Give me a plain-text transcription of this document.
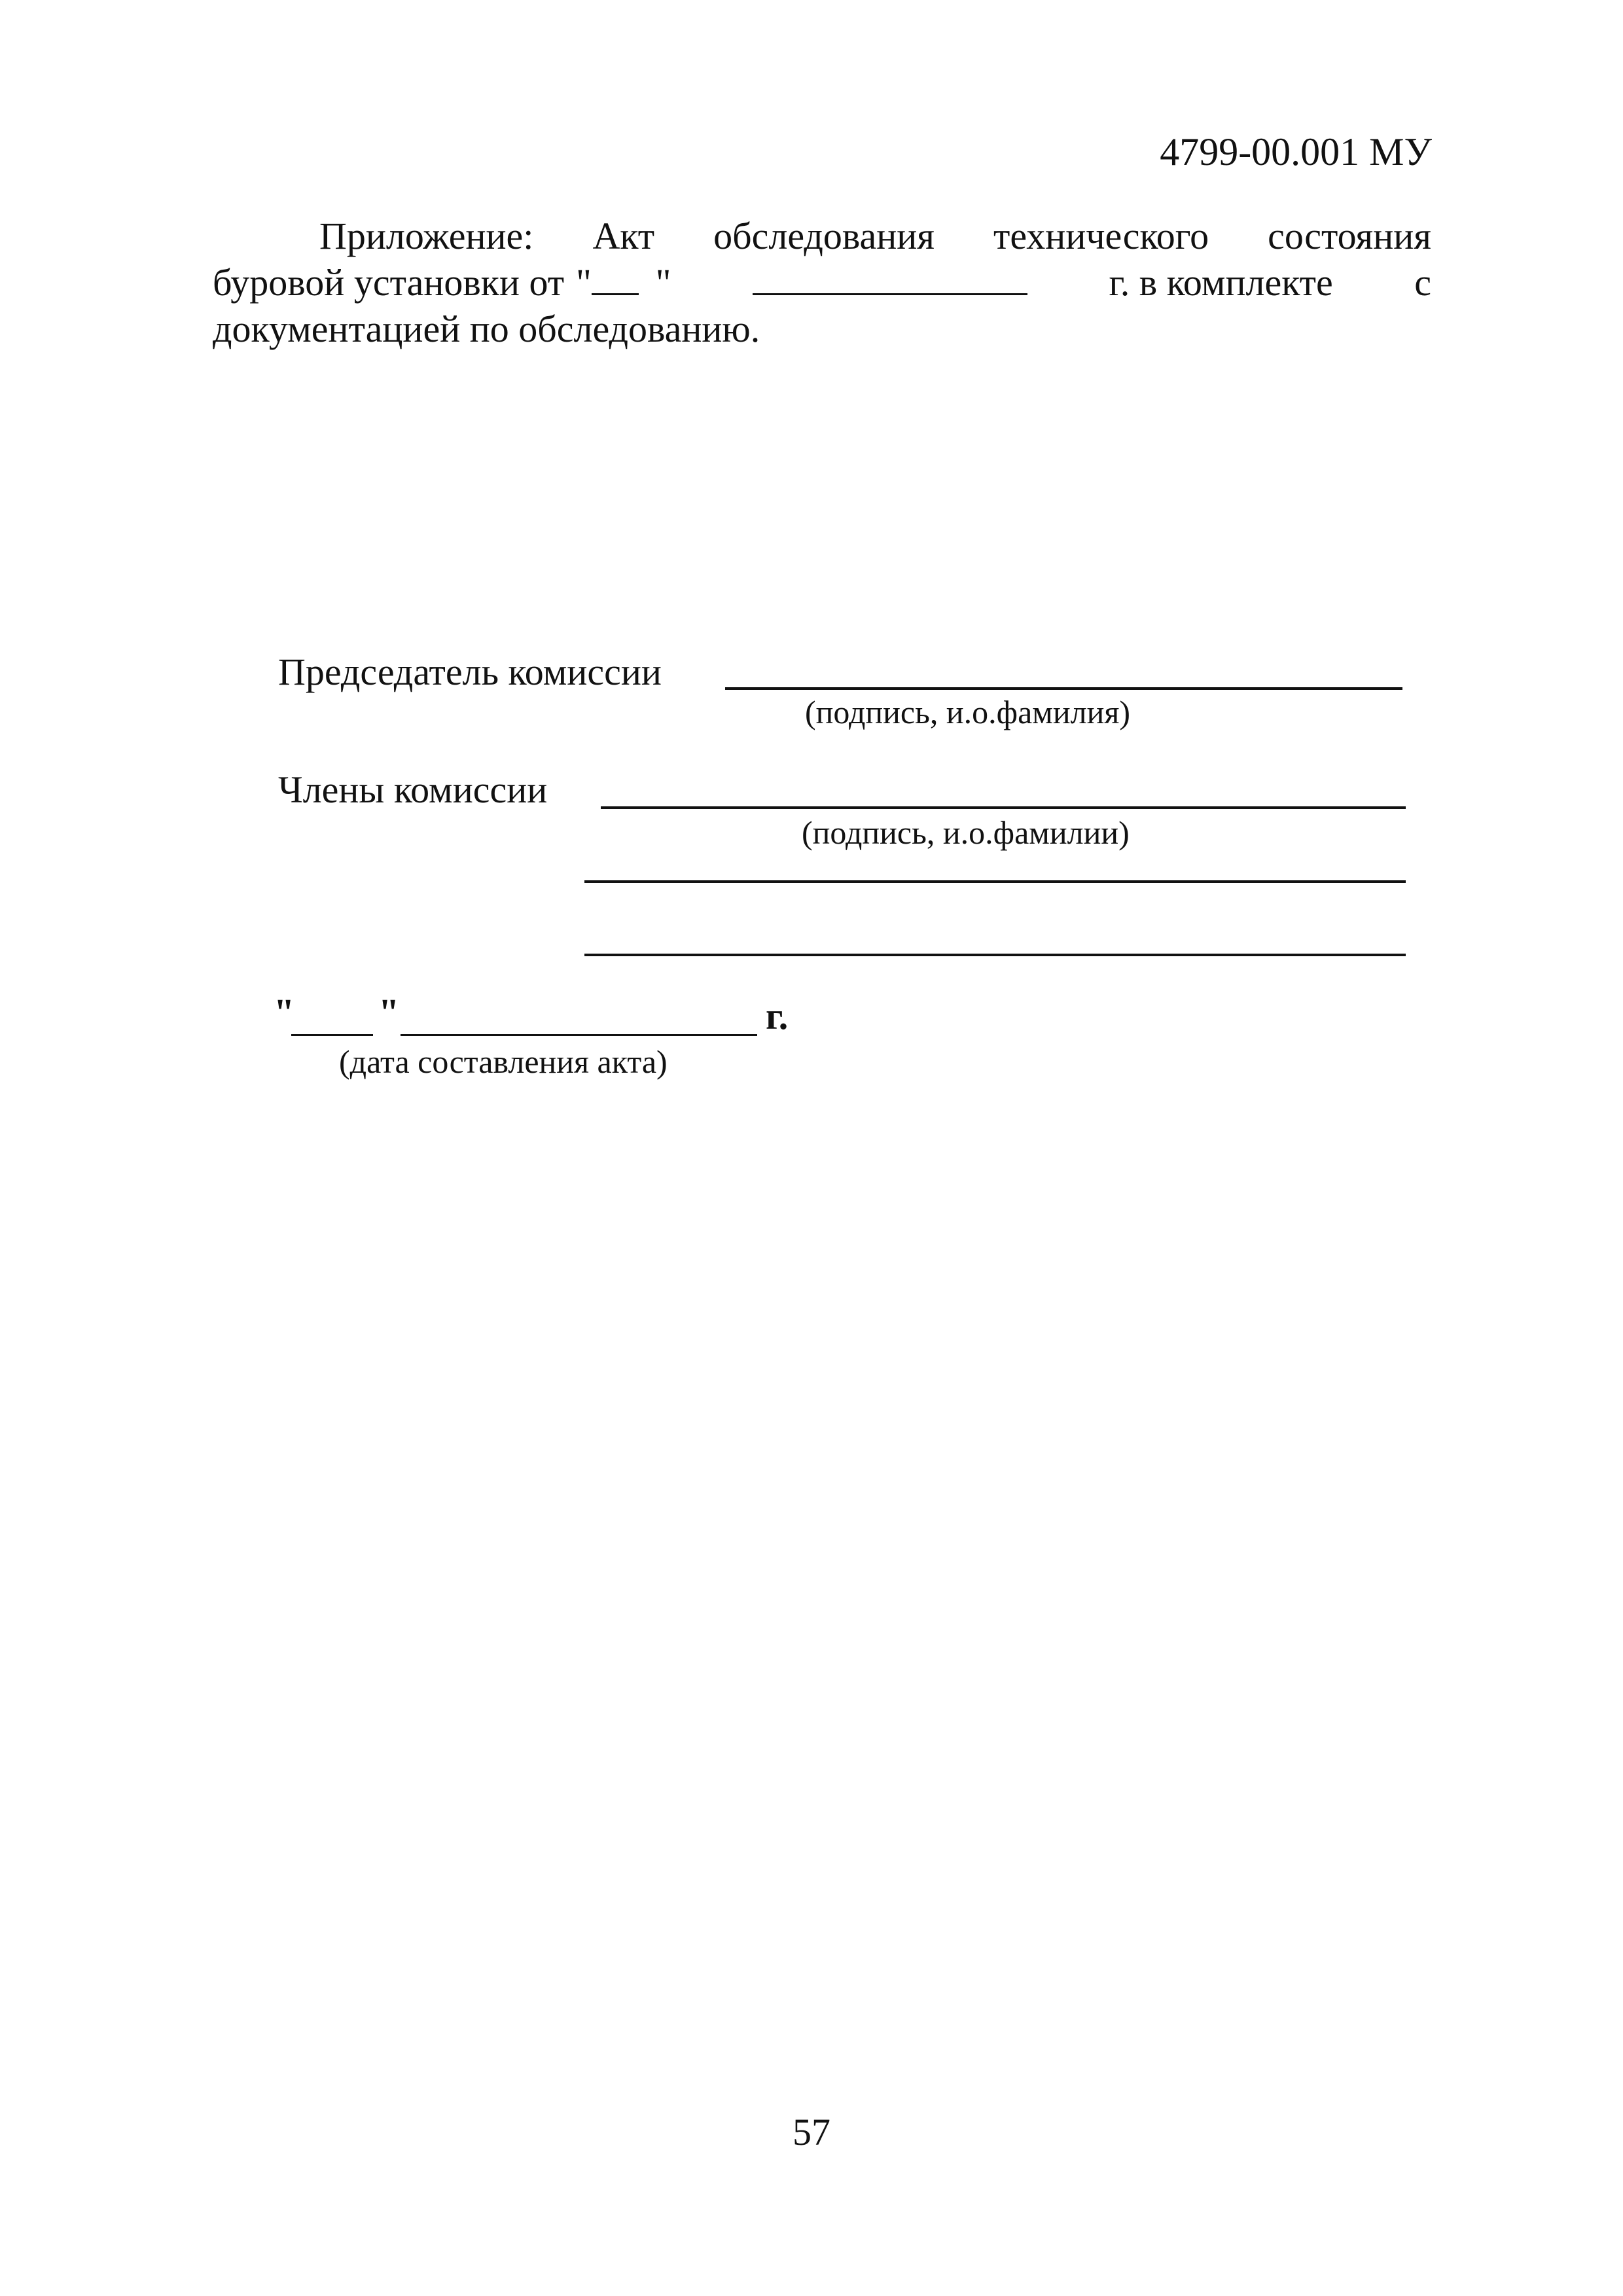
4799-00.001 МУ
Приложение: Акт обследования технического состояния
буровой установки от " "	г. в комплекте с
документацией по обследованию.
Председатель комиссии
(подпись, и.о.фамилия)
Члены комиссии
(подпись, и.о.фамилии)
" "	г.
(дата составления акта)
57
